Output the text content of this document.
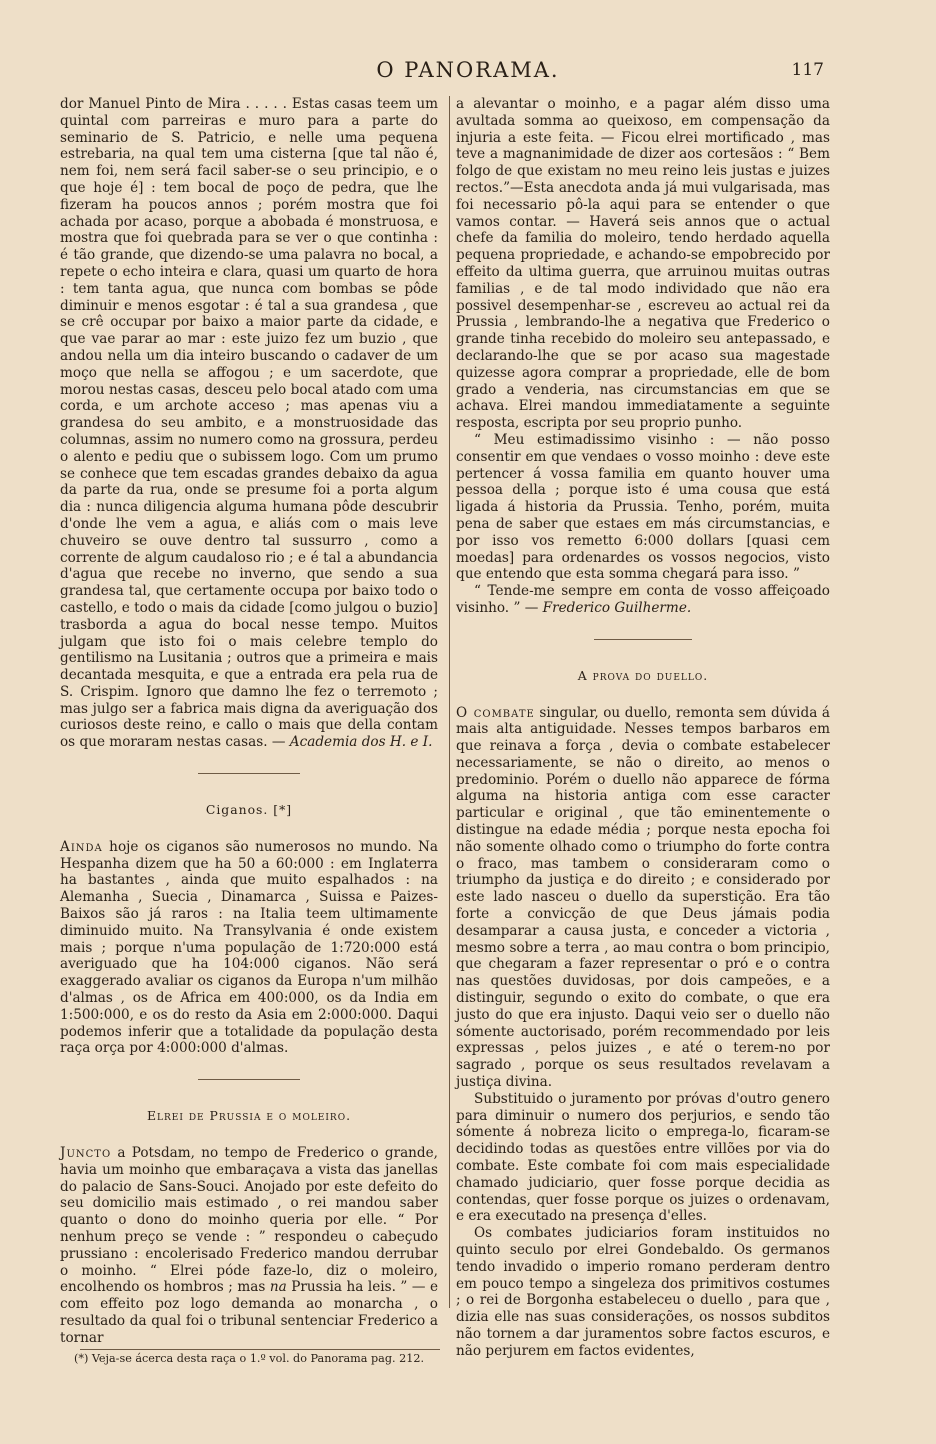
O PANORAMA.	117

dor Manuel Pinto de Mira . . . . . Estas casas teem um quintal com parreiras e muro para a parte do seminario de S. Patricio, e nelle uma pequena estrebaria, na qual tem uma cisterna [que tal não é, nem foi, nem será facil saber-se o seu principio, e o que hoje é] : tem bocal de poço de pedra, que lhe fizeram ha poucos annos ; porém mostra que foi achada por acaso, porque a abobada é monstruosa, e mostra que foi quebrada para se ver o que continha : é tão grande, que dizendo-se uma palavra no bocal, a repete o echo inteira e clara, quasi um quarto de hora : tem tanta agua, que nunca com bombas se pôde diminuir e menos esgotar : é tal a sua grandesa , que se crê occupar por baixo a maior parte da cidade, e que vae parar ao mar : este juizo fez um buzio , que andou nella um dia inteiro buscando o cadaver de um moço que nella se affogou ; e um sacerdote, que morou nestas casas, desceu pelo bocal atado com uma corda, e um archote acceso ; mas apenas viu a grandesa do seu ambito, e a monstruosidade das columnas, assim no numero como na grossura, perdeu o alento e pediu que o subissem logo. Com um prumo se conhece que tem escadas grandes debaixo da agua da parte da rua, onde se presume foi a porta algum dia : nunca diligencia alguma humana pôde descubrir d'onde lhe vem a agua, e aliás com o mais leve chuveiro se ouve dentro tal sussurro , como a corrente de algum caudaloso rio ; e é tal a abundancia d'agua que recebe no inverno, que sendo a sua grandesa tal, que certamente occupa por baixo todo o castello, e todo o mais da cidade [como julgou o buzio] trasborda a agua do bocal nesse tempo. Muitos julgam que isto foi o mais celebre templo do gentilismo na Lusitania ; outros que a primeira e mais decantada mesquita, e que a entrada era pela rua de S. Crispim. Ignoro que damno lhe fez o terremoto ; mas julgo ser a fabrica mais digna da averiguação dos curiosos deste reino, e callo o mais que della contam os que moraram nestas casas. — Academia dos H. e I.

Ciganos. [*]

Ainda hoje os ciganos são numerosos no mundo. Na Hespanha dizem que ha 50 a 60:000 : em Inglaterra ha bastantes , ainda que muito espalhados : na Alemanha , Suecia , Dinamarca , Suissa e Paizes-Baixos são já raros : na Italia teem ultimamente diminuido muito. Na Transylvania é onde existem mais ; porque n'uma população de 1:720:000 está averiguado que ha 104:000 ciganos. Não será exaggerado avaliar os ciganos da Europa n'um milhão d'almas , os de Africa em 400:000, os da India em 1:500:000, e os do resto da Asia em 2:000:000. Daqui podemos inferir que a totalidade da população desta raça orça por 4:000:000 d'almas.

Elrei de Prussia e o moleiro.

Juncto a Potsdam, no tempo de Frederico o grande, havia um moinho que embaraçava a vista das janellas do palacio de Sans-Souci. Anojado por este defeito do seu domicilio mais estimado , o rei mandou saber quanto o dono do moinho queria por elle. “ Por nenhum preço se vende : ” respondeu o cabeçudo prussiano : encolerisado Frederico mandou derrubar o moinho. “ Elrei póde faze-lo, diz o moleiro, encolhendo os hombros ; mas na Prussia ha leis. ” — e com effeito poz logo demanda ao monarcha , o resultado da qual foi o tribunal sentenciar Frederico a tornar

(*) Veja-se ácerca desta raça o 1.º vol. do Panorama pag. 212.

a alevantar o moinho, e a pagar além disso uma avultada somma ao queixoso, em compensação da injuria a este feita. — Ficou elrei mortificado , mas teve a magnanimidade de dizer aos cortesãos : “ Bem folgo de que existam no meu reino leis justas e juizes rectos.”—Esta anecdota anda já mui vulgarisada, mas foi necessario pô-la aqui para se entender o que vamos contar. — Haverá seis annos que o actual chefe da familia do moleiro, tendo herdado aquella pequena propriedade, e achando-se empobrecido por effeito da ultima guerra, que arruinou muitas outras familias , e de tal modo individado que não era possivel desempenhar-se , escreveu ao actual rei da Prussia , lembrando-lhe a negativa que Frederico o grande tinha recebido do moleiro seu antepassado, e declarando-lhe que se por acaso sua magestade quizesse agora comprar a propriedade, elle de bom grado a venderia, nas circumstancias em que se achava. Elrei mandou immediatamente a seguinte resposta, escripta por seu proprio punho.

“ Meu estimadissimo visinho : — não posso consentir em que vendaes o vosso moinho : deve este pertencer á vossa familia em quanto houver uma pessoa della ; porque isto é uma cousa que está ligada á historia da Prussia. Tenho, porém, muita pena de saber que estaes em más circumstancias, e por isso vos remetto 6:000 dollars [quasi cem moedas] para ordenardes os vossos negocios, visto que entendo que esta somma chegará para isso. ”

“ Tende-me sempre em conta de vosso affeiçoado visinho. ” — Frederico Guilherme.

A prova do duello.

O combate singular, ou duello, remonta sem dúvida á mais alta antiguidade. Nesses tempos barbaros em que reinava a força , devia o combate estabelecer necessariamente, se não o direito, ao menos o predominio. Porém o duello não apparece de fórma alguma na historia antiga com esse caracter particular e original , que tão eminentemente o distingue na edade média ; porque nesta epocha foi não somente olhado como o triumpho do forte contra o fraco, mas tambem o consideraram como o triumpho da justiça e do direito ; e considerado por este lado nasceu o duello da superstição. Era tão forte a convicção de que Deus jámais podia desamparar a causa justa, e conceder a victoria , mesmo sobre a terra , ao mau contra o bom principio, que chegaram a fazer representar o pró e o contra nas questões duvidosas, por dois campeões, e a distinguir, segundo o exito do combate, o que era justo do que era injusto. Daqui veio ser o duello não sómente auctorisado, porém recommendado por leis expressas , pelos juizes , e até o terem-no por sagrado , porque os seus resultados revelavam a justiça divina.

Substituido o juramento por próvas d'outro genero para diminuir o numero dos perjurios, e sendo tão sómente á nobreza licito o emprega-lo, ficaram-se decidindo todas as questões entre villões por via do combate. Este combate foi com mais especialidade chamado judiciario, quer fosse porque decidia as contendas, quer fosse porque os juizes o ordenavam, e era executado na presença d'elles.

Os combates judiciarios foram instituidos no quinto seculo por elrei Gondebaldo. Os germanos tendo invadido o imperio romano perderam dentro em pouco tempo a singeleza dos primitivos costumes ; o rei de Borgonha estabeleceu o duello , para que , dizia elle nas suas considerações, os nossos subditos não tornem a dar juramentos sobre factos escuros, e não perjurem em factos evidentes,
